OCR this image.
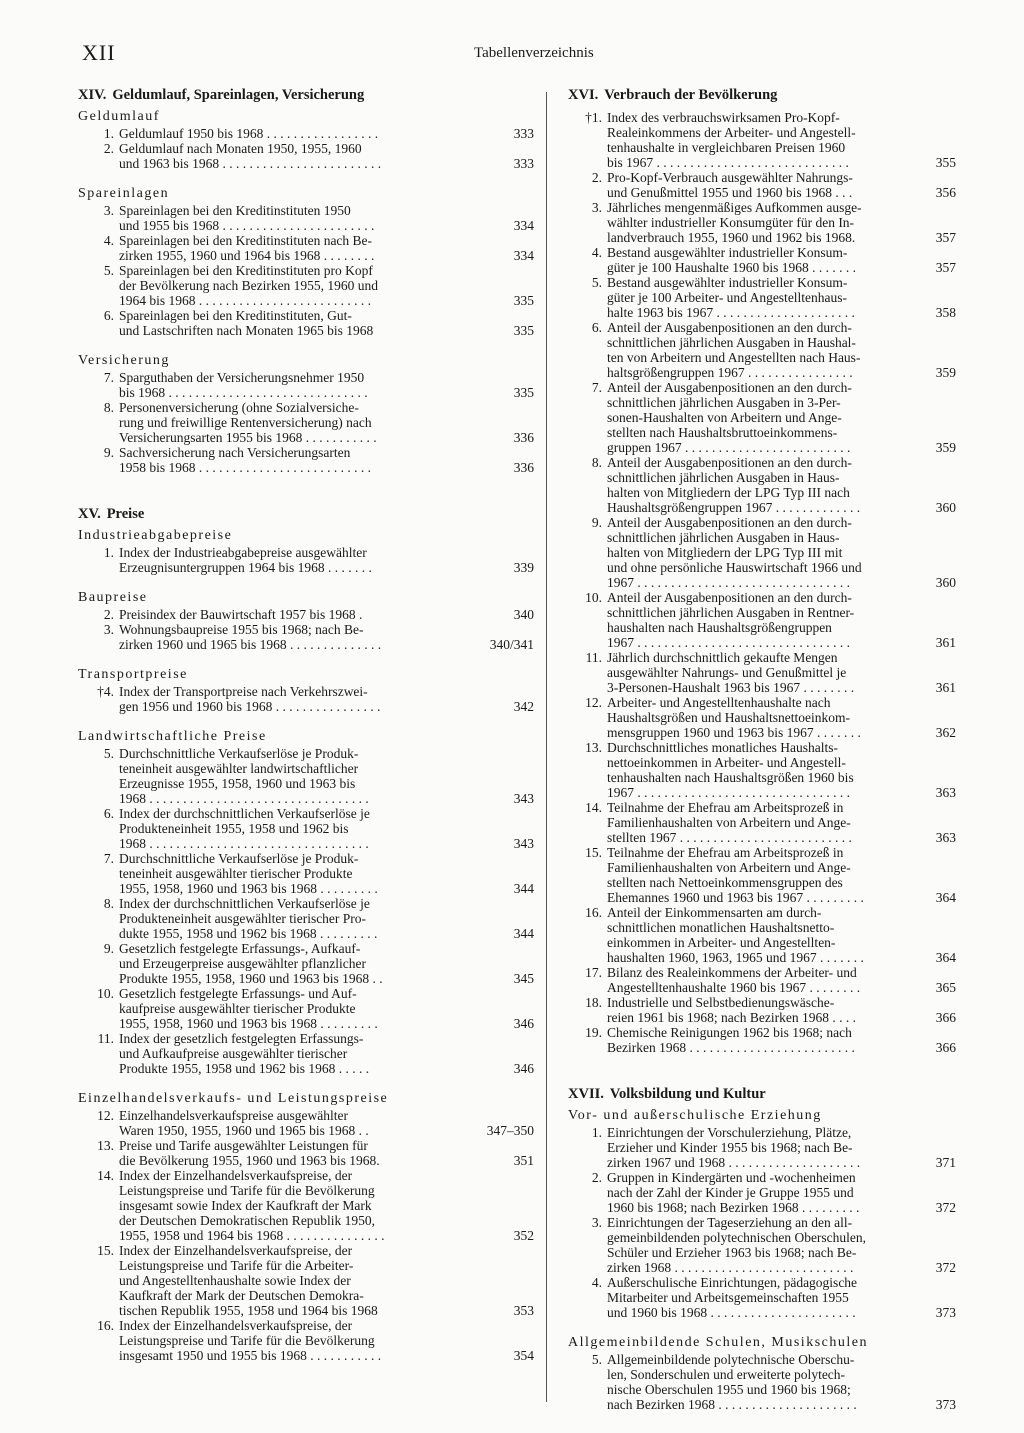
XII	Tabellenverzeichnis
XIV. Geldumlauf, Spareinlagen, Versicherung
Geldumlauf
1. Geldumlauf 1950 bis 1968 . . . . . . . . . . . . . . . . .	333
2. Geldumlauf nach Monaten 1950, 1955, 1960
und 1963 bis 1968 . . . . . . . . . . . . . . . . . . . . . . . .	333
Spareinlagen
3. Spareinlagen bei den Kreditinstituten 1950
und 1955 bis 1968 . . . . . . . . . . . . . . . . . . . . . . .	334
4. Spareinlagen bei den Kreditinstituten nach Be-
zirken 1955, 1960 und 1964 bis 1968 . . . . . . . .	334
5. Spareinlagen bei den Kreditinstituten pro Kopf
der Bevölkerung nach Bezirken 1955, 1960 und
1964 bis 1968 . . . . . . . . . . . . . . . . . . . . . . . . . .	335
6. Spareinlagen bei den Kreditinstituten, Gut-
und Lastschriften nach Monaten 1965 bis 1968	335
Versicherung
7. Sparguthaben der Versicherungsnehmer 1950
bis 1968 . . . . . . . . . . . . . . . . . . . . . . . . . . . . . .	335
8. Personenversicherung (ohne Sozialversiche-
rung und freiwillige Rentenversicherung) nach
Versicherungsarten 1955 bis 1968 . . . . . . . . . . .	336
9. Sachversicherung nach Versicherungsarten
1958 bis 1968 . . . . . . . . . . . . . . . . . . . . . . . . . .	336
XV. Preise
Industrieabgabepreise
1. Index der Industrieabgabepreise ausgewählter
Erzeugnisuntergruppen 1964 bis 1968 . . . . . . .	339
Baupreise
2. Preisindex der Bauwirtschaft 1957 bis 1968 .	340
3. Wohnungsbaupreise 1955 bis 1968; nach Be-
zirken 1960 und 1965 bis 1968 . . . . . . . . . . . . . .	340/341
Transportpreise
†4. Index der Transportpreise nach Verkehrszwei-
gen 1956 und 1960 bis 1968 . . . . . . . . . . . . . . . .	342
Landwirtschaftliche Preise
5. Durchschnittliche Verkaufserlöse je Produk-
teneinheit ausgewählter landwirtschaftlicher
Erzeugnisse 1955, 1958, 1960 und 1963 bis
1968 . . . . . . . . . . . . . . . . . . . . . . . . . . . . . . . . .	343
6. Index der durchschnittlichen Verkaufserlöse je
Produkteneinheit 1955, 1958 und 1962 bis
1968 . . . . . . . . . . . . . . . . . . . . . . . . . . . . . . . . .	343
7. Durchschnittliche Verkaufserlöse je Produk-
teneinheit ausgewählter tierischer Produkte
1955, 1958, 1960 und 1963 bis 1968 . . . . . . . . .	344
8. Index der durchschnittlichen Verkaufserlöse je
Produkteneinheit ausgewählter tierischer Pro-
dukte 1955, 1958 und 1962 bis 1968 . . . . . . . . .	344
9. Gesetzlich festgelegte Erfassungs-, Aufkauf-
und Erzeugerpreise ausgewählter pflanzlicher
Produkte 1955, 1958, 1960 und 1963 bis 1968 . .	345
10. Gesetzlich festgelegte Erfassungs- und Auf-
kaufpreise ausgewählter tierischer Produkte
1955, 1958, 1960 und 1963 bis 1968 . . . . . . . . .	346
11. Index der gesetzlich festgelegten Erfassungs-
und Aufkaufpreise ausgewählter tierischer
Produkte 1955, 1958 und 1962 bis 1968 . . . . .	346
Einzelhandelsverkaufs- und Leistungspreise
12. Einzelhandelsverkaufspreise ausgewählter
Waren 1950, 1955, 1960 und 1965 bis 1968 . .	347–350
13. Preise und Tarife ausgewählter Leistungen für
die Bevölkerung 1955, 1960 und 1963 bis 1968.	351
14. Index der Einzelhandelsverkaufspreise, der
Leistungspreise und Tarife für die Bevölkerung
insgesamt sowie Index der Kaufkraft der Mark
der Deutschen Demokratischen Republik 1950,
1955, 1958 und 1964 bis 1968 . . . . . . . . . . . . . . .	352
15. Index der Einzelhandelsverkaufspreise, der
Leistungspreise und Tarife für die Arbeiter-
und Angestelltenhaushalte sowie Index der
Kaufkraft der Mark der Deutschen Demokra-
tischen Republik 1955, 1958 und 1964 bis 1968	353
16. Index der Einzelhandelsverkaufspreise, der
Leistungspreise und Tarife für die Bevölkerung
insgesamt 1950 und 1955 bis 1968 . . . . . . . . . . .	354
XVI. Verbrauch der Bevölkerung
†1. Index des verbrauchswirksamen Pro-Kopf-
Realeinkommens der Arbeiter- und Angestell-
tenhaushalte in vergleichbaren Preisen 1960
bis 1967 . . . . . . . . . . . . . . . . . . . . . . . . . . . . .	355
2. Pro-Kopf-Verbrauch ausgewählter Nahrungs-
und Genußmittel 1955 und 1960 bis 1968 . . .	356
3. Jährliches mengenmäßiges Aufkommen ausge-
wählter industrieller Konsumgüter für den In-
landverbrauch 1955, 1960 und 1962 bis 1968.	357
4. Bestand ausgewählter industrieller Konsum-
güter je 100 Haushalte 1960 bis 1968 . . . . . . .	357
5. Bestand ausgewählter industrieller Konsum-
güter je 100 Arbeiter- und Angestelltenhaus-
halte 1963 bis 1967 . . . . . . . . . . . . . . . . . . . . .	358
6. Anteil der Ausgabenpositionen an den durch-
schnittlichen jährlichen Ausgaben in Haushal-
ten von Arbeitern und Angestellten nach Haus-
haltsgrößengruppen 1967 . . . . . . . . . . . . . . . .	359
7. Anteil der Ausgabenpositionen an den durch-
schnittlichen jährlichen Ausgaben in 3-Per-
sonen-Haushalten von Arbeitern und Ange-
stellten nach Haushaltsbruttoeinkommens-
gruppen 1967 . . . . . . . . . . . . . . . . . . . . . . . . .	359
8. Anteil der Ausgabenpositionen an den durch-
schnittlichen jährlichen Ausgaben in Haus-
halten von Mitgliedern der LPG Typ III nach
Haushaltsgrößengruppen 1967 . . . . . . . . . . . . .	360
9. Anteil der Ausgabenpositionen an den durch-
schnittlichen jährlichen Ausgaben in Haus-
halten von Mitgliedern der LPG Typ III mit
und ohne persönliche Hauswirtschaft 1966 und
1967 . . . . . . . . . . . . . . . . . . . . . . . . . . . . . . . .	360
10. Anteil der Ausgabenpositionen an den durch-
schnittlichen jährlichen Ausgaben in Rentner-
haushalten nach Haushaltsgrößengruppen
1967 . . . . . . . . . . . . . . . . . . . . . . . . . . . . . . . .	361
11. Jährlich durchschnittlich gekaufte Mengen
ausgewählter Nahrungs- und Genußmittel je
3-Personen-Haushalt 1963 bis 1967 . . . . . . . .	361
12. Arbeiter- und Angestelltenhaushalte nach
Haushaltsgrößen und Haushaltsnettoeinkom-
mensgruppen 1960 und 1963 bis 1967 . . . . . . .	362
13. Durchschnittliches monatliches Haushalts-
nettoeinkommen in Arbeiter- und Angestell-
tenhaushalten nach Haushaltsgrößen 1960 bis
1967 . . . . . . . . . . . . . . . . . . . . . . . . . . . . . . . .	363
14. Teilnahme der Ehefrau am Arbeitsprozeß in
Familienhaushalten von Arbeitern und Ange-
stellten 1967 . . . . . . . . . . . . . . . . . . . . . . . . . .	363
15. Teilnahme der Ehefrau am Arbeitsprozeß in
Familienhaushalten von Arbeitern und Ange-
stellten nach Nettoeinkommensgruppen des
Ehemannes 1960 und 1963 bis 1967 . . . . . . . . .	364
16. Anteil der Einkommensarten am durch-
schnittlichen monatlichen Haushaltsnetto-
einkommen in Arbeiter- und Angestellten-
haushalten 1960, 1963, 1965 und 1967 . . . . . . .	364
17. Bilanz des Realeinkommens der Arbeiter- und
Angestelltenhaushalte 1960 bis 1967 . . . . . . . .	365
18. Industrielle und Selbstbedienungswäsche-
reien 1961 bis 1968; nach Bezirken 1968 . . . .	366
19. Chemische Reinigungen 1962 bis 1968; nach
Bezirken 1968 . . . . . . . . . . . . . . . . . . . . . . . . .	366
XVII. Volksbildung und Kultur
Vor- und außerschulische Erziehung
1. Einrichtungen der Vorschulerziehung, Plätze,
Erzieher und Kinder 1955 bis 1968; nach Be-
zirken 1967 und 1968 . . . . . . . . . . . . . . . . . . . .	371
2. Gruppen in Kindergärten und -wochenheimen
nach der Zahl der Kinder je Gruppe 1955 und
1960 bis 1968; nach Bezirken 1968 . . . . . . . . .	372
3. Einrichtungen der Tageserziehung an den all-
gemeinbildenden polytechnischen Oberschulen,
Schüler und Erzieher 1963 bis 1968; nach Be-
zirken 1968 . . . . . . . . . . . . . . . . . . . . . . . . . . .	372
4. Außerschulische Einrichtungen, pädagogische
Mitarbeiter und Arbeitsgemeinschaften 1955
und 1960 bis 1968 . . . . . . . . . . . . . . . . . . . . . .	373
Allgemeinbildende Schulen, Musikschulen
5. Allgemeinbildende polytechnische Oberschu-
len, Sonderschulen und erweiterte polytech-
nische Oberschulen 1955 und 1960 bis 1968;
nach Bezirken 1968 . . . . . . . . . . . . . . . . . . . . .	373
